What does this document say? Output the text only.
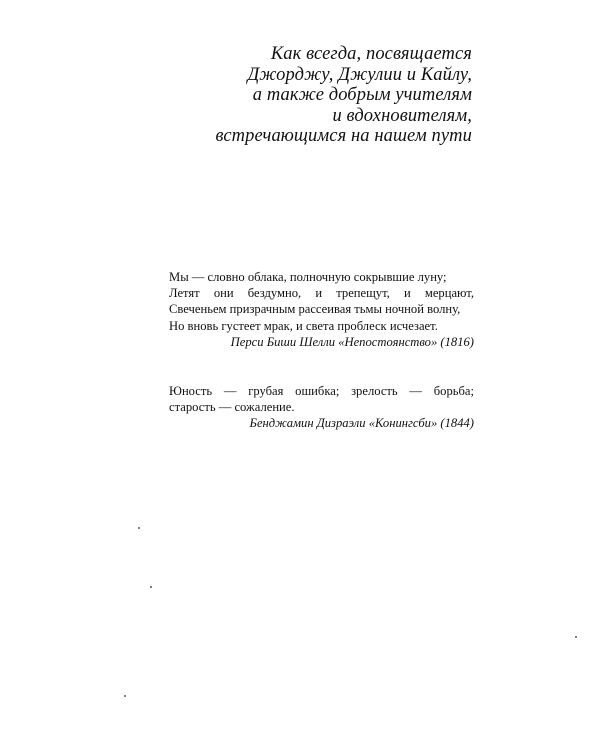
Как всегда, посвящается
Джорджу, Джулии и Кайлу,
а также добрым учителям
и вдохновителям,
встречающимся на нашем пути
Мы — словно облака, полночную сокрывшие луну;
Летят они бездумно, и трепещут, и мерцают,
Свеченьем призрачным рассеивая тьмы ночной волну,
Но вновь густеет мрак, и света проблеск исчезает.
Перси Биши Шелли «Непостоянство» (1816)
Юность — грубая ошибка; зрелость — борьба;
старость — сожаление.
Бенджамин Дизраэли «Конингсби» (1844)
